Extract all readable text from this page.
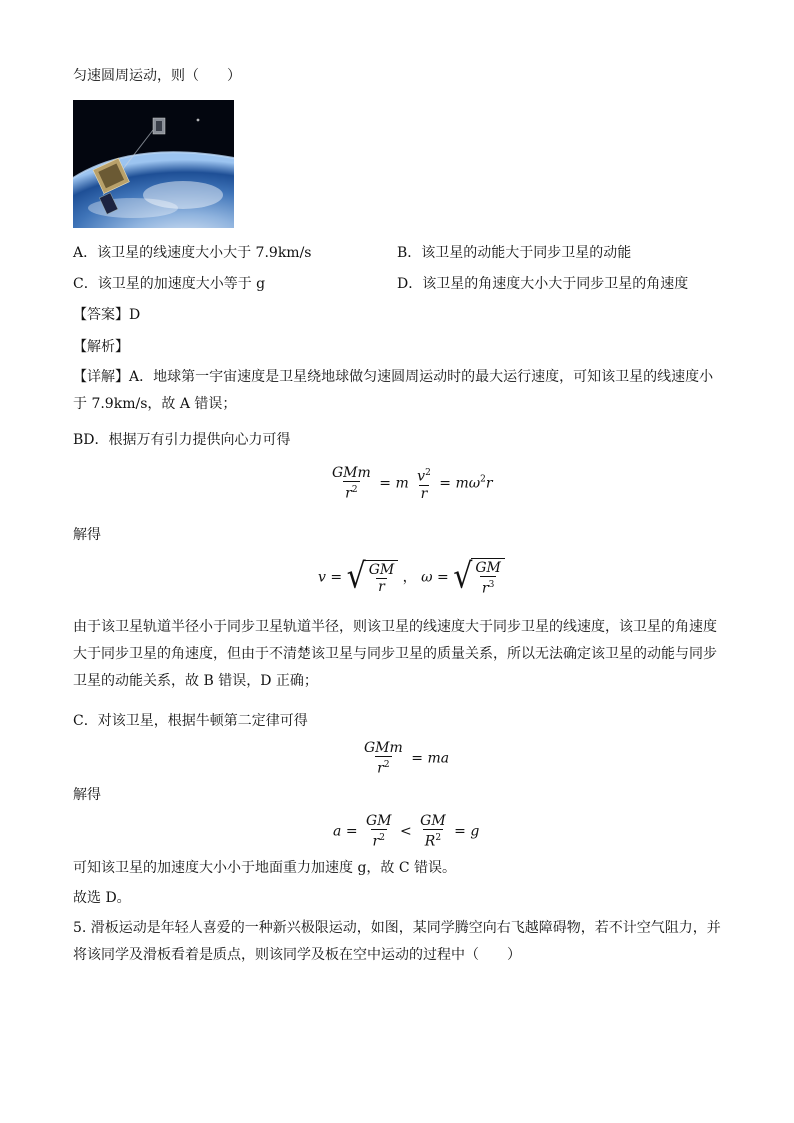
匀速圆周运动，则（　　）
A．该卫星的线速度大小大于 7.9km/s	B．该卫星的动能大于同步卫星的动能
C．该卫星的加速度大小等于 g	D．该卫星的角速度大小大于同步卫星的角速度
【答案】D
【解析】
【详解】A．地球第一宇宙速度是卫星绕地球做匀速圆周运动时的最大运行速度，可知该卫星的线速度小于 7.9km/s，故 A 错误；
BD．根据万有引力提供向心力可得
$\frac{\text{GMm}}{r^2} = m \frac{v^2}{r} = m\omega^2r$
解得
v = √ $\frac{GM}{r}$ ， ω = √ $\frac{GM}{r^3}$
由于该卫星轨道半径小于同步卫星轨道半径，则该卫星的线速度大于同步卫星的线速度，该卫星的角速度大于同步卫星的角速度，但由于不清楚该卫星与同步卫星的质量关系，所以无法确定该卫星的动能与同步卫星的动能关系，故 B 错误，D 正确；
C．对该卫星，根据牛顿第二定律可得
$\frac{\text{GMm}}{r^2}$ = ma
解得
$a = \frac{GM}{r^2} < \frac{GM}{R^2} = g$
可知该卫星的加速度大小小于地面重力加速度 g，故 C 错误。
故选 D。
5. 滑板运动是年轻人喜爱的一种新兴极限运动，如图，某同学腾空向右飞越障碍物，若不计空气阻力，并将该同学及滑板看着是质点，则该同学及板在空中运动的过程中（　　）
